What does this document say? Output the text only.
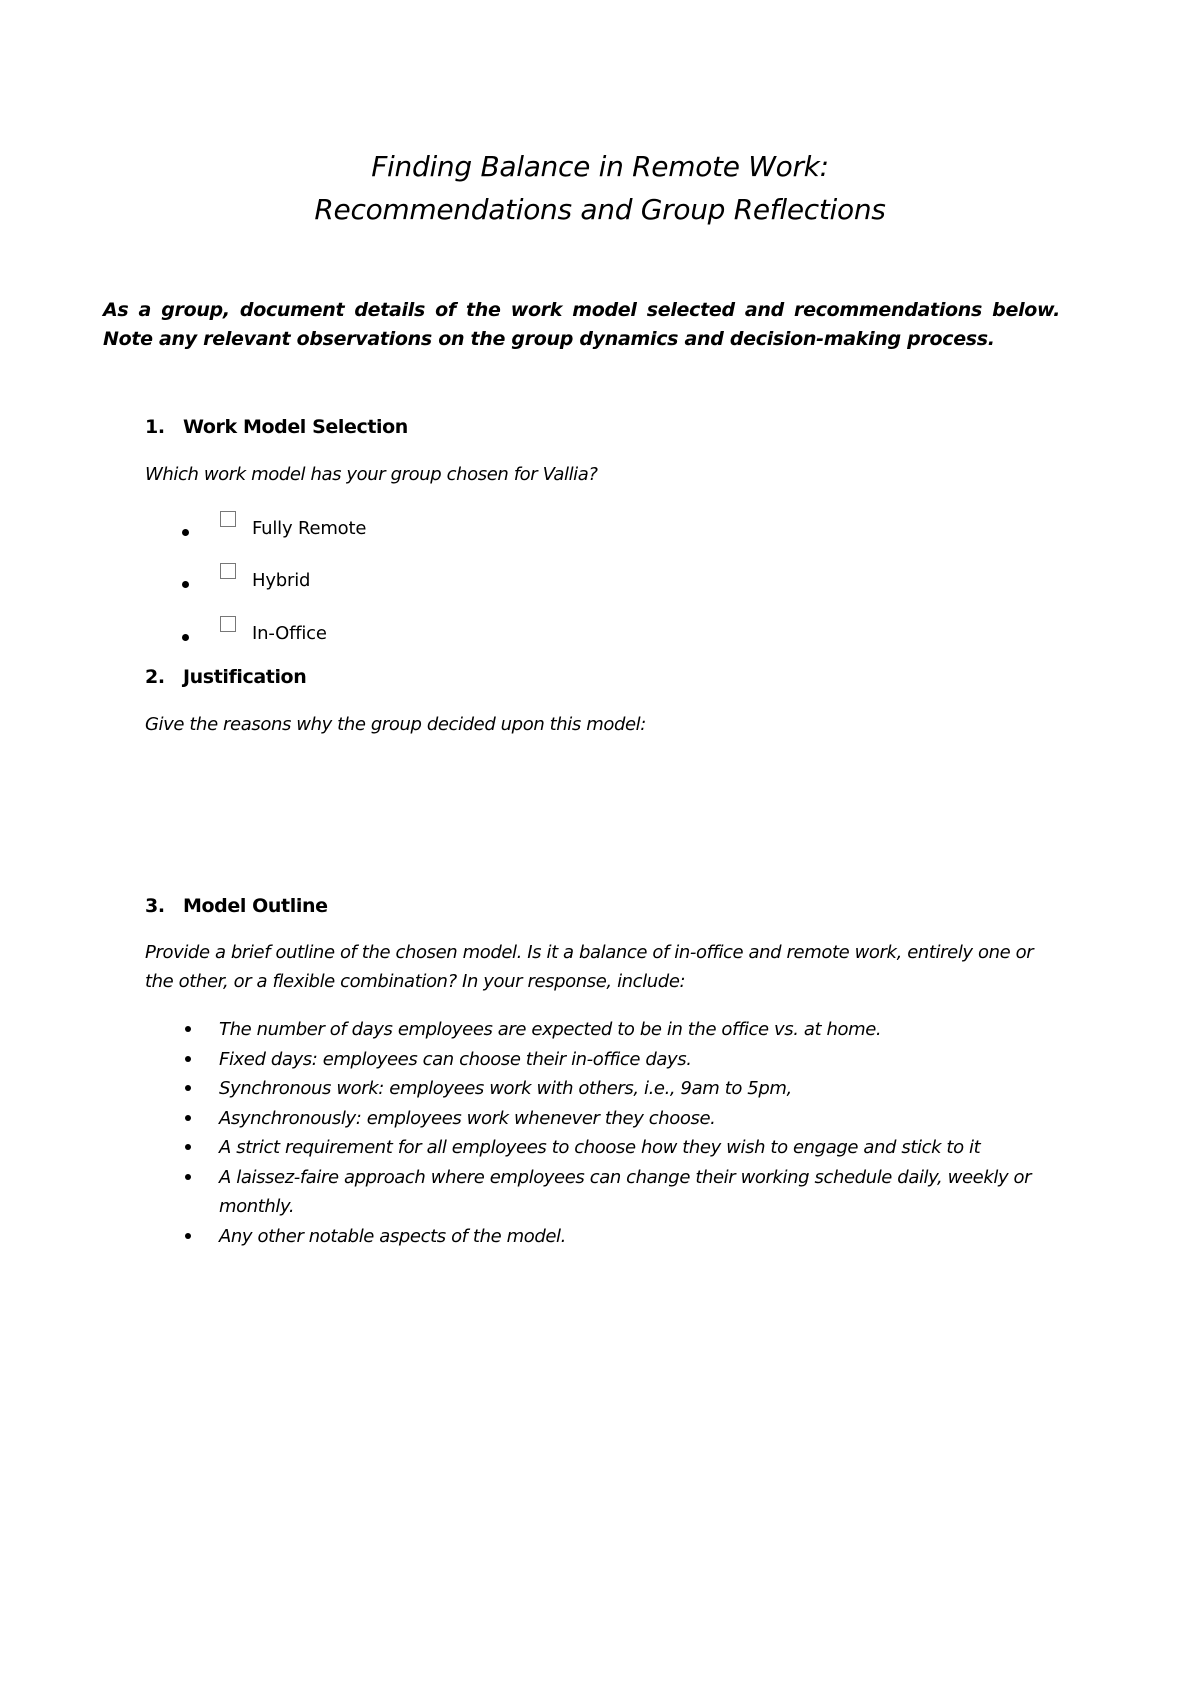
Finding Balance in Remote Work:
Recommendations and Group Reflections

As a group, document details of the work model selected and recommendations below. Note any relevant observations on the group dynamics and decision-making process.

1. Work Model Selection

Which work model has your group chosen for Vallia?

Fully Remote
Hybrid
In-Office
2. Justification

Give the reasons why the group decided upon this model:

3. Model Outline

Provide a brief outline of the chosen model. Is it a balance of in-office and remote work, entirely one or the other, or a flexible combination? In your response, include:

The number of days employees are expected to be in the office vs. at home.
Fixed days: employees can choose their in-office days.
Synchronous work: employees work with others, i.e., 9am to 5pm,
Asynchronously: employees work whenever they choose.
A strict requirement for all employees to choose how they wish to engage and stick to it
A laissez-faire approach where employees can change their working schedule daily, weekly or monthly.
Any other notable aspects of the model.
